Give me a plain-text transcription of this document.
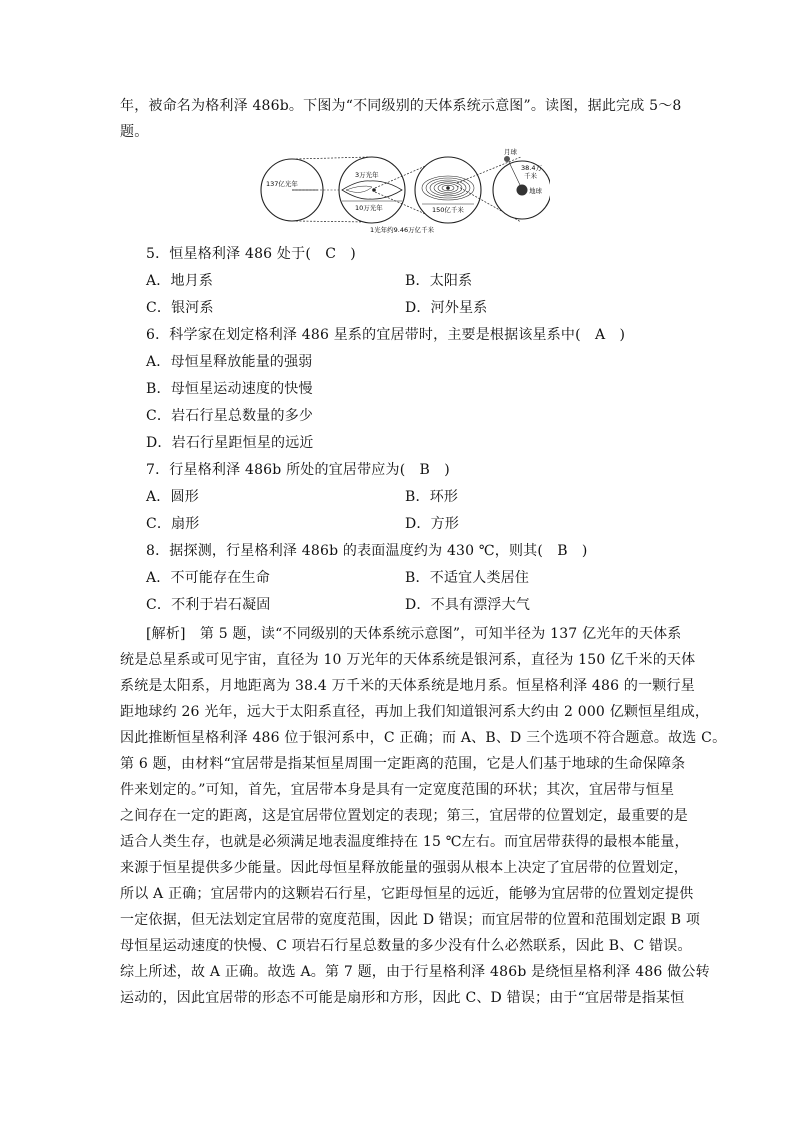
年，被命名为格利泽 486b。下图为“不同级别的天体系统示意图”。读图，据此完成 5～8
题。
137亿光年
3万光年
10万光年	150亿千米
月球
38.4万
千米
地球
1光年约9.46万亿千米
5．恒星格利泽 486 处于(　C　)
A．地月系	B．太阳系
C．银河系	D．河外星系
6．科学家在划定格利泽 486 星系的宜居带时，主要是根据该星系中(　A　)
A．母恒星释放能量的强弱
B．母恒星运动速度的快慢
C．岩石行星总数量的多少
D．岩石行星距恒星的远近
7．行星格利泽 486b 所处的宜居带应为(　B　)
A．圆形	B．环形
C．扇形	D．方形
8．据探测，行星格利泽 486b 的表面温度约为 430 ℃，则其(　B　)
A．不可能存在生命	B．不适宜人类居住
C．不利于岩石凝固	D．不具有漂浮大气
[解析]　第 5 题，读“不同级别的天体系统示意图”，可知半径为 137 亿光年的天体系
统是总星系或可见宇宙，直径为 10 万光年的天体系统是银河系，直径为 150 亿千米的天体
系统是太阳系，月地距离为 38.4 万千米的天体系统是地月系。恒星格利泽 486 的一颗行星
距地球约 26 光年，远大于太阳系直径，再加上我们知道银河系大约由 2 000 亿颗恒星组成，
因此推断恒星格利泽 486 位于银河系中，C 正确；而 A、B、D 三个选项不符合题意。故选 C。
第 6 题，由材料“宜居带是指某恒星周围一定距离的范围，它是人们基于地球的生命保障条
件来划定的。”可知，首先，宜居带本身是具有一定宽度范围的环状；其次，宜居带与恒星
之间存在一定的距离，这是宜居带位置划定的表现；第三，宜居带的位置划定，最重要的是
适合人类生存，也就是必须满足地表温度维持在 15 ℃左右。而宜居带获得的最根本能量，
来源于恒星提供多少能量。因此母恒星释放能量的强弱从根本上决定了宜居带的位置划定，
所以 A 正确；宜居带内的这颗岩石行星，它距母恒星的远近，能够为宜居带的位置划定提供
一定依据，但无法划定宜居带的宽度范围，因此 D 错误；而宜居带的位置和范围划定跟 B 项
母恒星运动速度的快慢、C 项岩石行星总数量的多少没有什么必然联系，因此 B、C 错误。
综上所述，故 A 正确。故选 A。第 7 题，由于行星格利泽 486b 是绕恒星格利泽 486 做公转
运动的，因此宜居带的形态不可能是扇形和方形，因此 C、D 错误；由于“宜居带是指某恒
